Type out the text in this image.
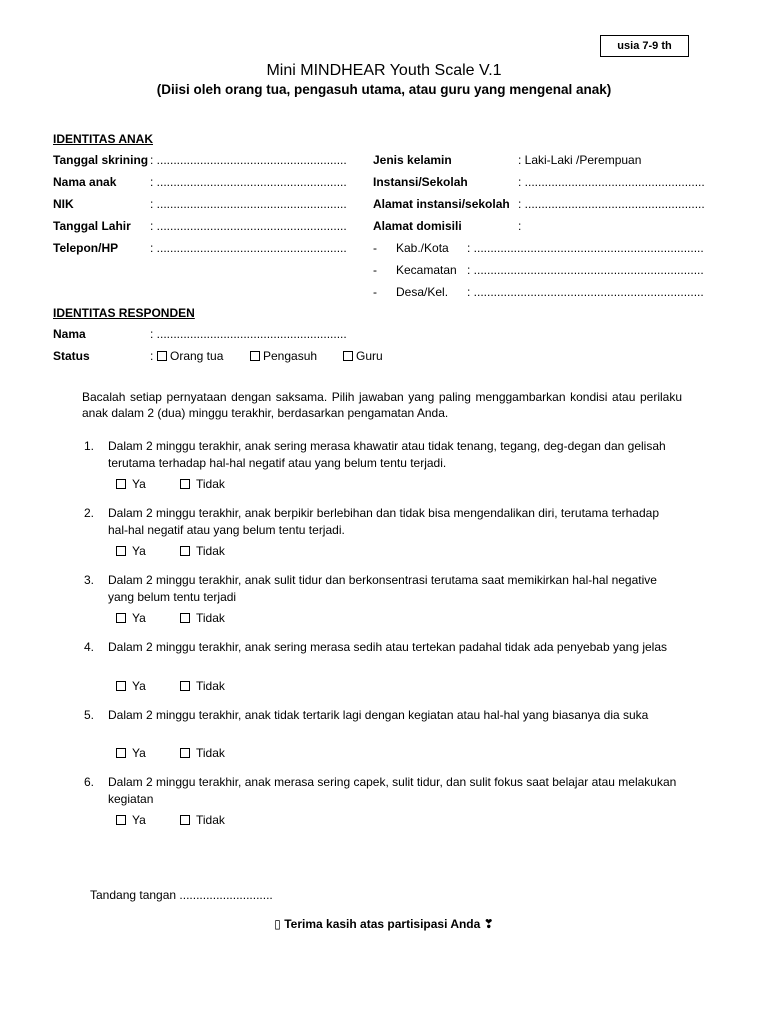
usia 7-9 th
Mini MINDHEAR Youth Scale V.1
(Diisi oleh orang tua, pengasuh utama, atau guru yang mengenal anak)
IDENTITAS ANAK
Tanggal skrining : .........................................................
Nama anak	: .........................................................
NIK	: .........................................................
Tanggal Lahir : .........................................................
Telepon/HP	: .........................................................
Jenis kelamin	: Laki-Laki /Perempuan
Instansi/Sekolah	: ......................................................
Alamat instansi/sekolah : ......................................................
Alamat domisili	:
- Kab./Kota : .....................................................................
- Kecamatan : .....................................................................
- Desa/Kel. : .....................................................................
IDENTITAS RESPONDEN
Nama	: .........................................................
Status	: Orang tua	Pengasuh	Guru
Bacalah setiap pernyataan dengan saksama. Pilih jawaban yang paling menggambarkan kondisi atau perilaku anak dalam 2 (dua) minggu terakhir, berdasarkan pengamatan Anda.
1. Dalam 2 minggu terakhir, anak sering merasa khawatir atau tidak tenang, tegang, deg-degan dan gelisah terutama terhadap hal-hal negatif atau yang belum tentu terjadi.
Ya	Tidak
2. Dalam 2 minggu terakhir, anak berpikir berlebihan dan tidak bisa mengendalikan diri, terutama terhadap hal-hal negatif atau yang belum tentu terjadi.
Ya	Tidak
3. Dalam 2 minggu terakhir, anak sulit tidur dan berkonsentrasi terutama saat memikirkan hal-hal negative yang belum tentu terjadi
Ya	Tidak
4. Dalam 2 minggu terakhir, anak sering merasa sedih atau tertekan padahal tidak ada penyebab yang jelas
Ya	Tidak
5. Dalam 2 minggu terakhir, anak tidak tertarik lagi dengan kegiatan atau hal-hal yang biasanya dia suka
Ya	Tidak
6. Dalam 2 minggu terakhir, anak merasa sering capek, sulit tidur, dan sulit fokus saat belajar atau melakukan kegiatan
Ya	Tidak
Tandang tangan ............................
▯ Terima kasih atas partisipasi Anda ❣
